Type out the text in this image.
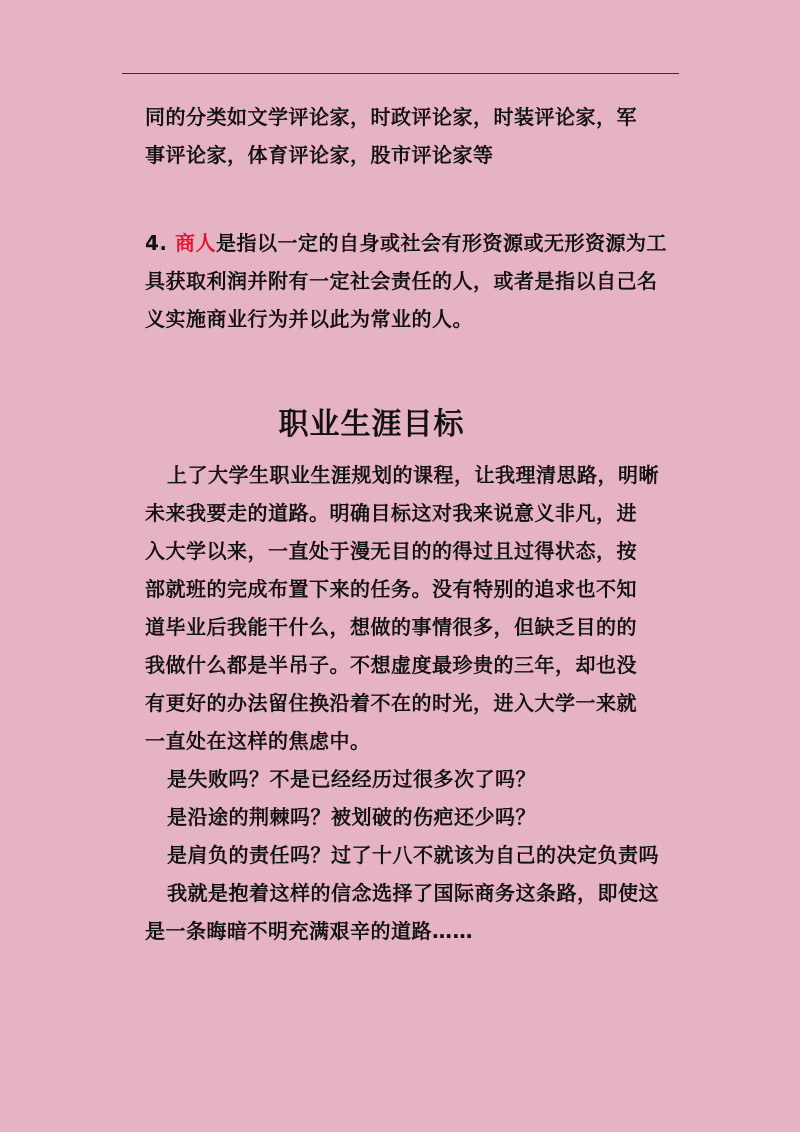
同的分类如文学评论家，时政评论家，时装评论家，军
事评论家，体育评论家，股市评论家等
4. 商人是指以一定的自身或社会有形资源或无形资源为工
具获取利润并附有一定社会责任的人，或者是指以自己名
义实施商业行为并以此为常业的人。
职业生涯目标
上了大学生职业生涯规划的课程，让我理清思路，明晰
未来我要走的道路。明确目标这对我来说意义非凡，进
入大学以来，一直处于漫无目的的得过且过得状态，按
部就班的完成布置下来的任务。没有特别的追求也不知
道毕业后我能干什么，想做的事情很多，但缺乏目的的
我做什么都是半吊子。不想虚度最珍贵的三年，却也没
有更好的办法留住换沿着不在的时光，进入大学一来就
一直处在这样的焦虑中。
是失败吗？不是已经经历过很多次了吗？
是沿途的荆棘吗？被划破的伤疤还少吗？
是肩负的责任吗？过了十八不就该为自己的决定负责吗
我就是抱着这样的信念选择了国际商务这条路，即使这
是一条晦暗不明充满艰辛的道路……
